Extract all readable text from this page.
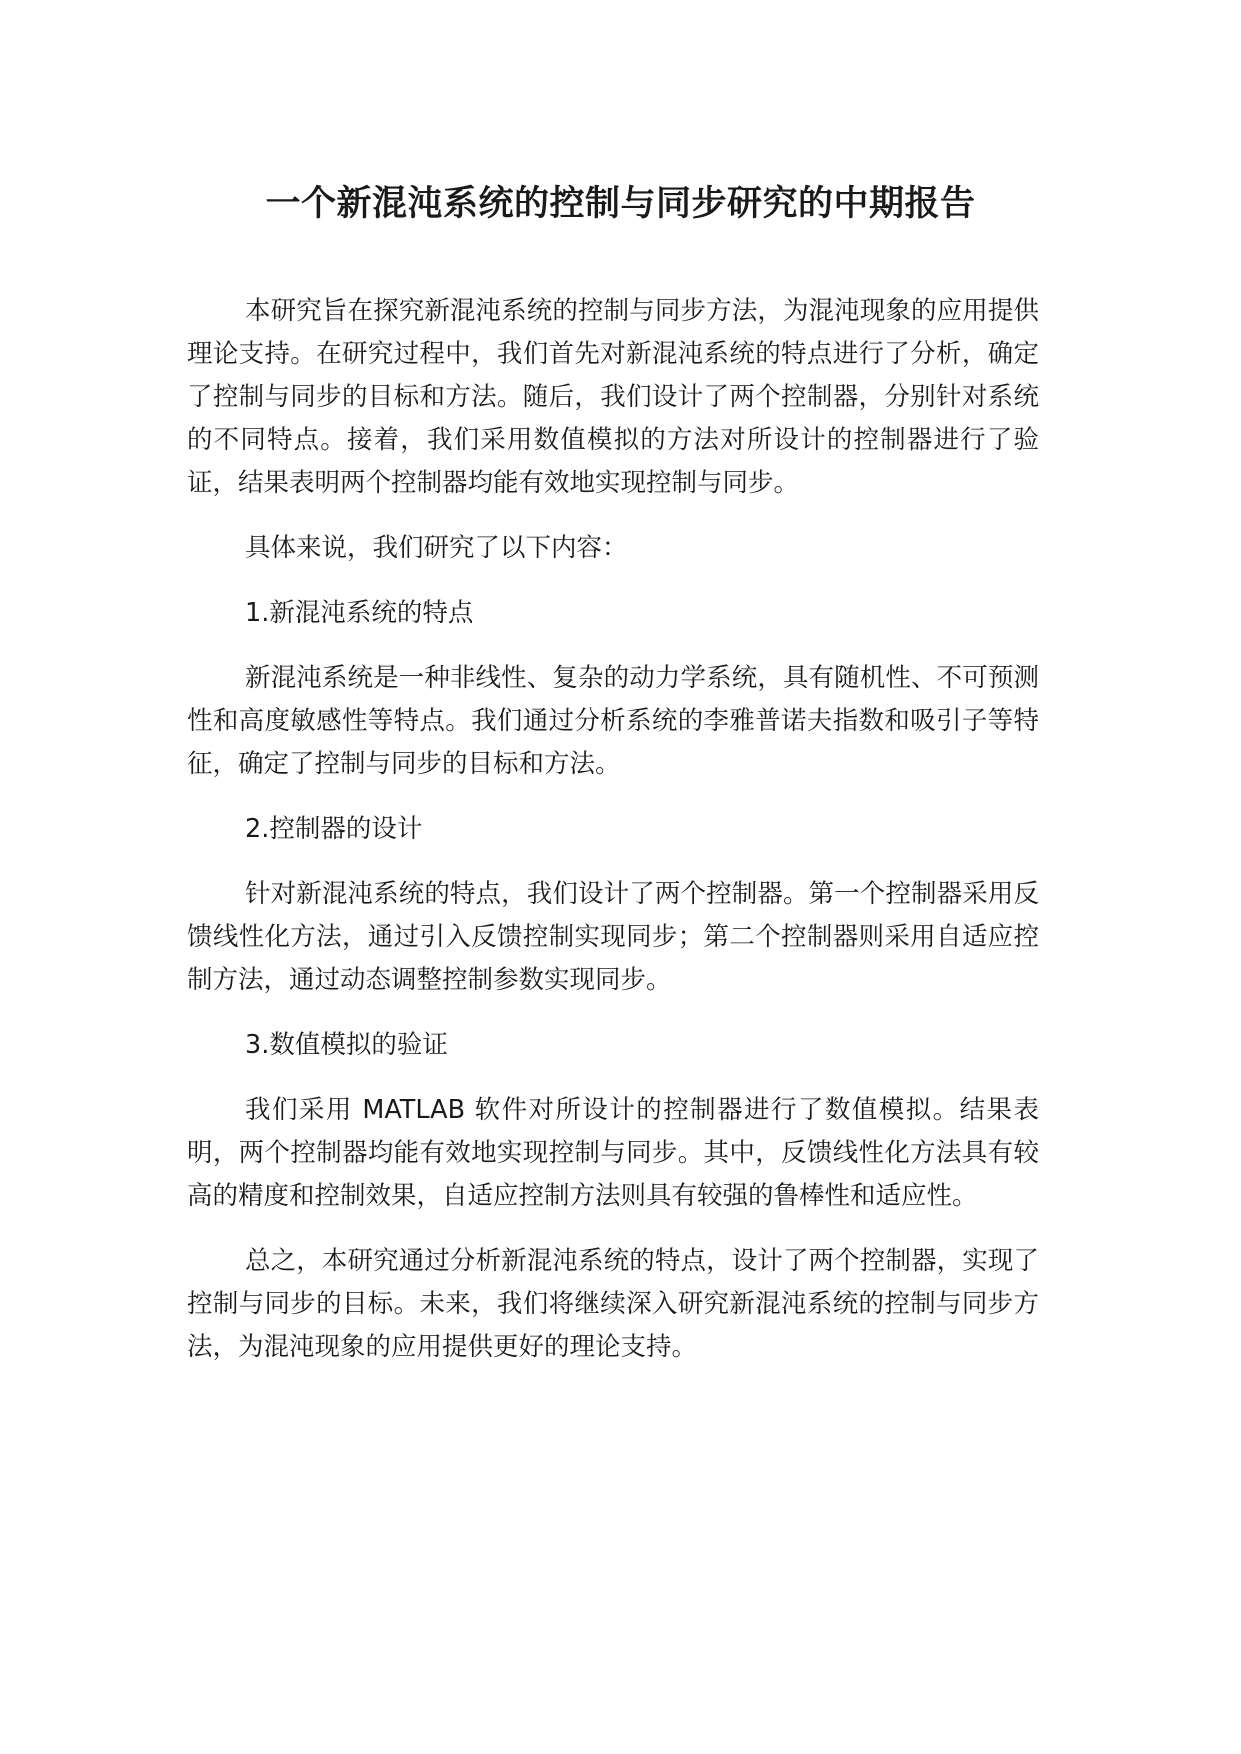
一个新混沌系统的控制与同步研究的中期报告

本研究旨在探究新混沌系统的控制与同步方法，为混沌现象的应用提供理论支持。在研究过程中，我们首先对新混沌系统的特点进行了分析，确定了控制与同步的目标和方法。随后，我们设计了两个控制器，分别针对系统的不同特点。接着，我们采用数值模拟的方法对所设计的控制器进行了验证，结果表明两个控制器均能有效地实现控制与同步。

具体来说，我们研究了以下内容：

1.新混沌系统的特点

新混沌系统是一种非线性、复杂的动力学系统，具有随机性、不可预测性和高度敏感性等特点。我们通过分析系统的李雅普诺夫指数和吸引子等特征，确定了控制与同步的目标和方法。

2.控制器的设计

针对新混沌系统的特点，我们设计了两个控制器。第一个控制器采用反馈线性化方法，通过引入反馈控制实现同步；第二个控制器则采用自适应控制方法，通过动态调整控制参数实现同步。

3.数值模拟的验证

我们采用 MATLAB 软件对所设计的控制器进行了数值模拟。结果表明，两个控制器均能有效地实现控制与同步。其中，反馈线性化方法具有较高的精度和控制效果，自适应控制方法则具有较强的鲁棒性和适应性。

总之，本研究通过分析新混沌系统的特点，设计了两个控制器，实现了控制与同步的目标。未来，我们将继续深入研究新混沌系统的控制与同步方法，为混沌现象的应用提供更好的理论支持。
